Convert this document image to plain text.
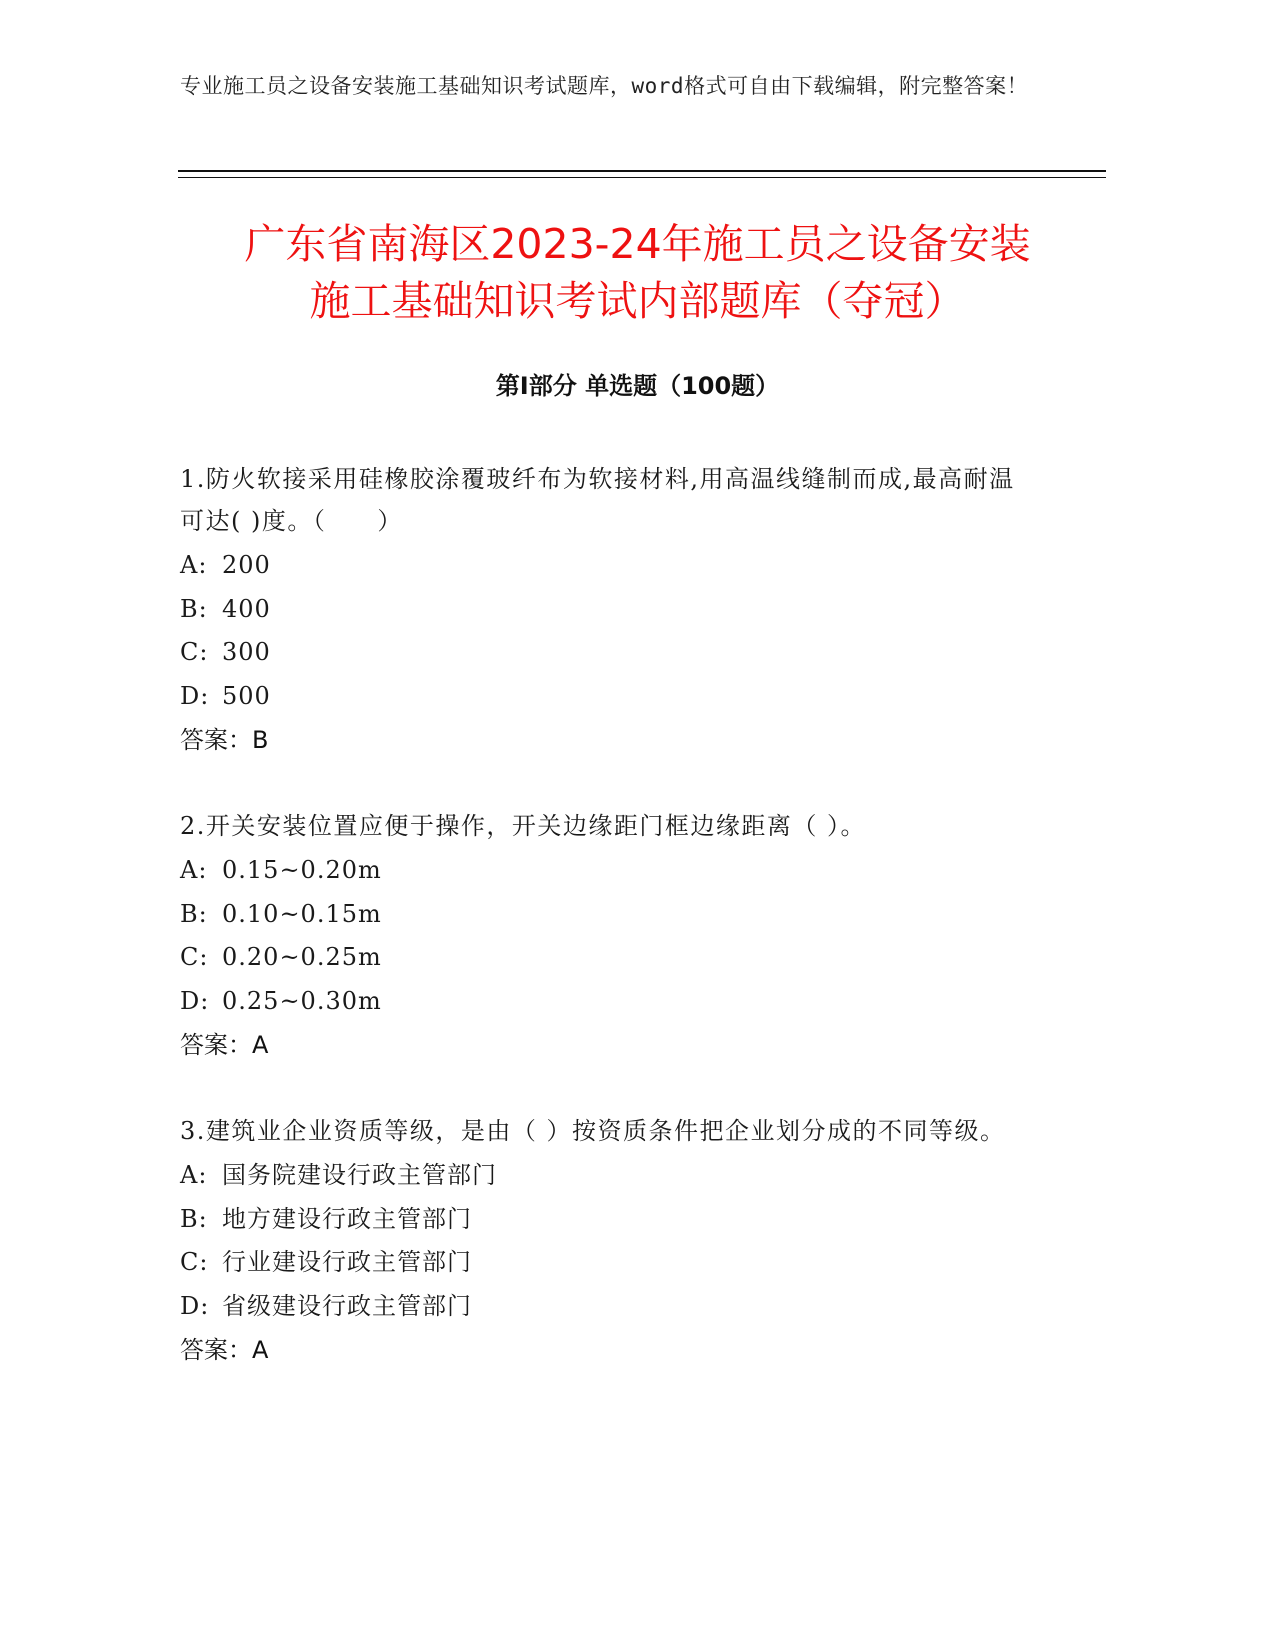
专业施工员之设备安装施工基础知识考试题库，word格式可自由下载编辑，附完整答案！
广东省南海区2023-24年施工员之设备安装
施工基础知识考试内部题库（夺冠）
第I部分 单选题（100题）

1.防火软接采用硅橡胶涂覆玻纤布为软接材料,用高温线缝制而成,最高耐温可达( )度。（　　）

A: 200
B: 400
C: 300
D: 500
答案：B

2.开关安装位置应便于操作，开关边缘距门框边缘距离（ ）。

A: 0.15~0.20m
B: 0.10~0.15m
C: 0.20~0.25m
D: 0.25~0.30m
答案：A

3.建筑业企业资质等级，是由（ ）按资质条件把企业划分成的不同等级。

A: 国务院建设行政主管部门
B: 地方建设行政主管部门
C: 行业建设行政主管部门
D: 省级建设行政主管部门
答案：A
